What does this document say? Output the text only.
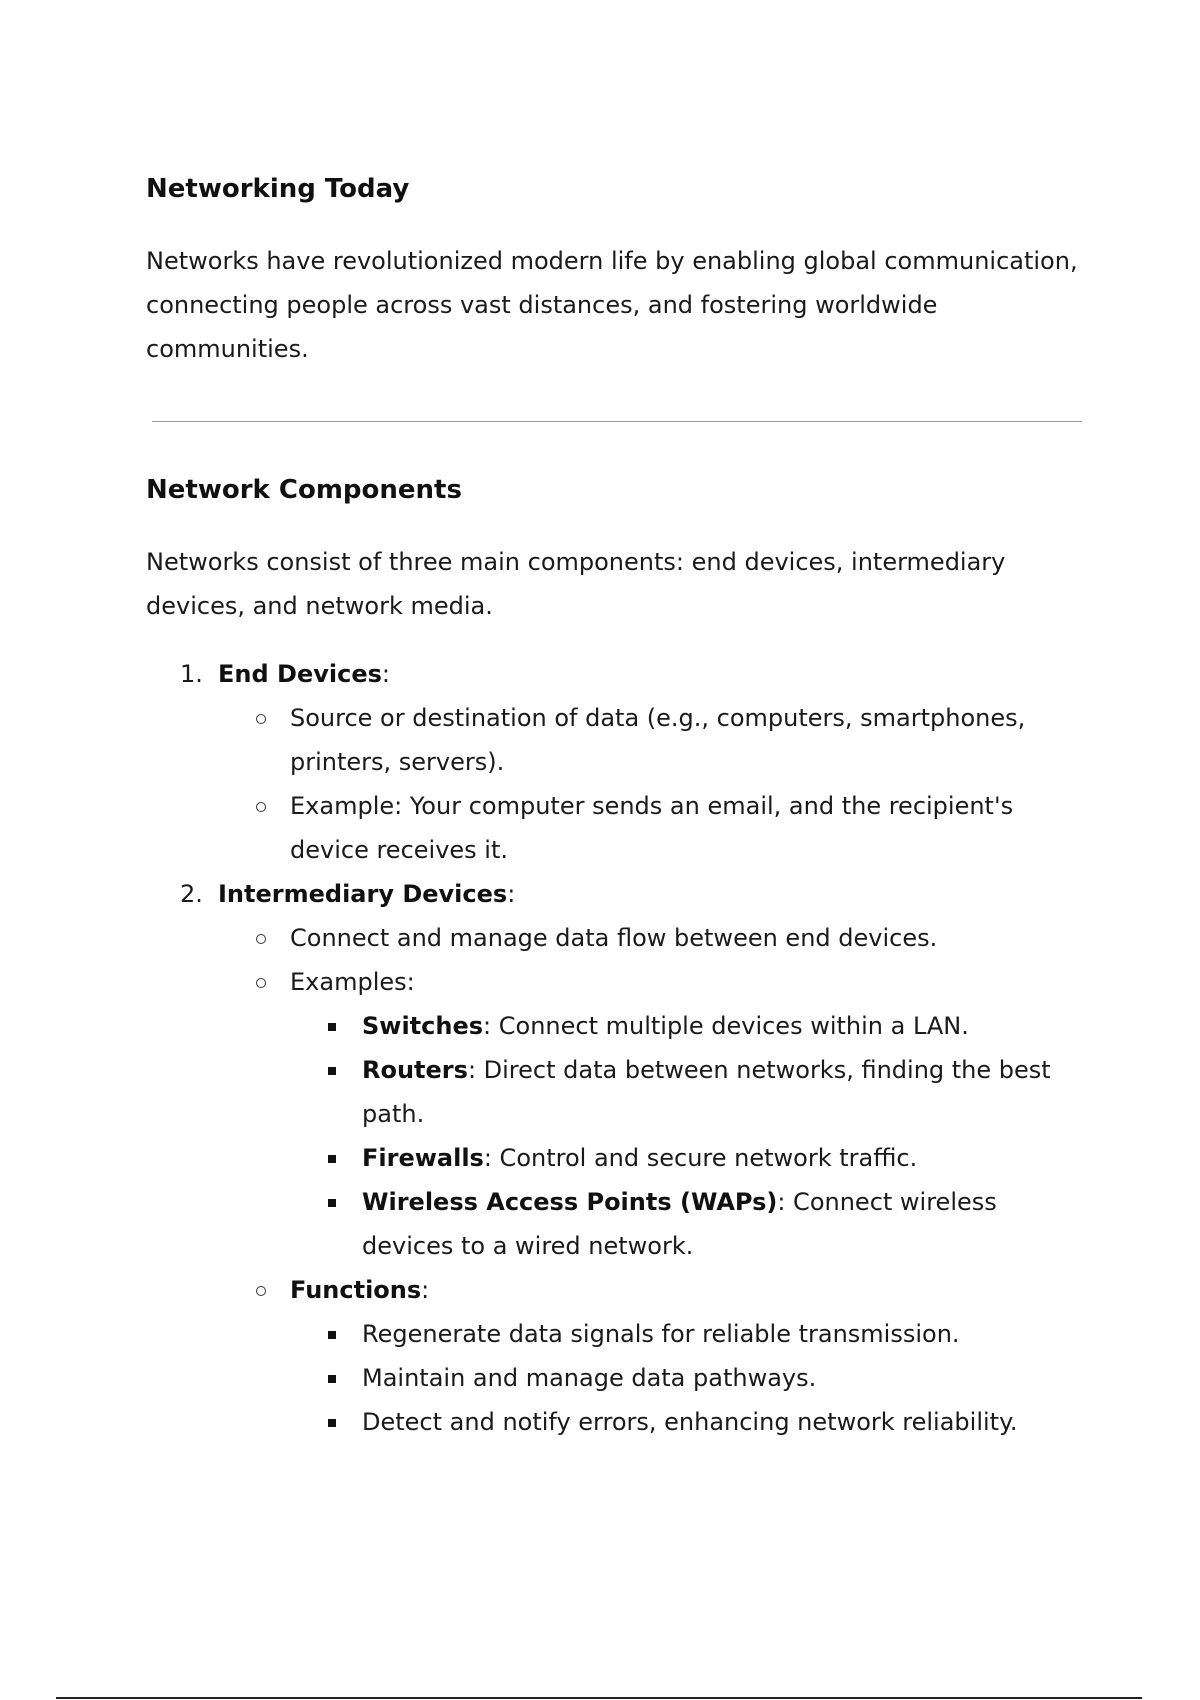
Networking Today

Networks have revolutionized modern life by enabling global communication, connecting people across vast distances, and fostering worldwide communities.

Network Components

Networks consist of three main components: end devices, intermediary devices, and network media.

1. End Devices:
Source or destination of data (e.g., computers, smartphones, printers, servers).
Example: Your computer sends an email, and the recipient's device receives it.
2. Intermediary Devices:
Connect and manage data flow between end devices.
Examples:
Switches: Connect multiple devices within a LAN.
Routers: Direct data between networks, finding the best path.
Firewalls: Control and secure network traffic.
Wireless Access Points (WAPs): Connect wireless devices to a wired network.
Functions:
Regenerate data signals for reliable transmission.
Maintain and manage data pathways.
Detect and notify errors, enhancing network reliability.
